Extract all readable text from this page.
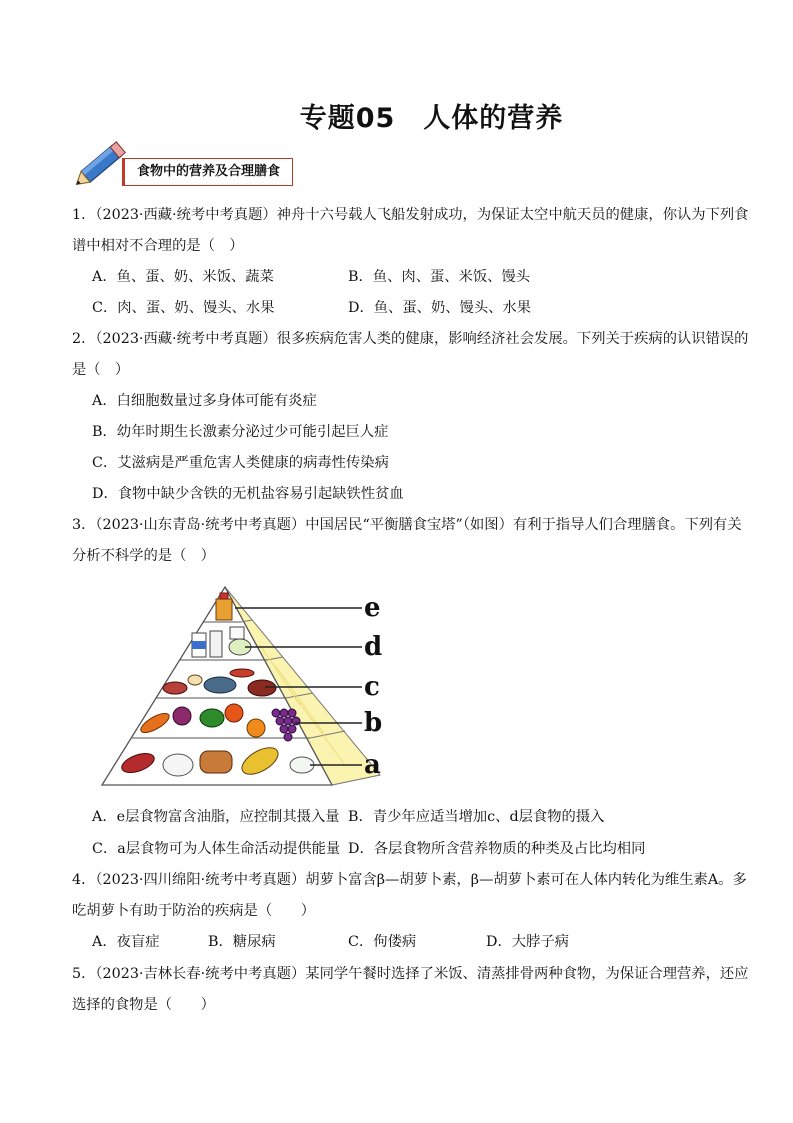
专题05　人体的营养
食物中的营养及合理膳食
1．（2023·西藏·统考中考真题）神舟十六号载人飞船发射成功，为保证太空中航天员的健康，你认为下列食
谱中相对不合理的是（　）
A．鱼、蛋、奶、米饭、蔬菜	B．鱼、肉、蛋、米饭、馒头
C．肉、蛋、奶、馒头、水果	D．鱼、蛋、奶、馒头、水果
2．（2023·西藏·统考中考真题）很多疾病危害人类的健康，影响经济社会发展。下列关于疾病的认识错误的
是（　）
A．白细胞数量过多身体可能有炎症
B．幼年时期生长激素分泌过少可能引起巨人症
C．艾滋病是严重危害人类健康的病毒性传染病
D．食物中缺少含铁的无机盐容易引起缺铁性贫血
3．（2023·山东青岛·统考中考真题）中国居民“平衡膳食宝塔”（如图）有利于指导人们合理膳食。下列有关
分析不科学的是（　）
e
d
c
b
a
A．e层食物富含油脂，应控制其摄入量 B．青少年应适当增加c、d层食物的摄入
C．a层食物可为人体生命活动提供能量 D．各层食物所含营养物质的种类及占比均相同
4．（2023·四川绵阳·统考中考真题）胡萝卜富含β—胡萝卜素，β—胡萝卜素可在人体内转化为维生素A。多
吃胡萝卜有助于防治的疾病是（　　）
A．夜盲症	B．糖尿病	C．佝偻病	D．大脖子病
5．（2023·吉林长春·统考中考真题）某同学午餐时选择了米饭、清蒸排骨两种食物，为保证合理营养，还应
选择的食物是（　　）
